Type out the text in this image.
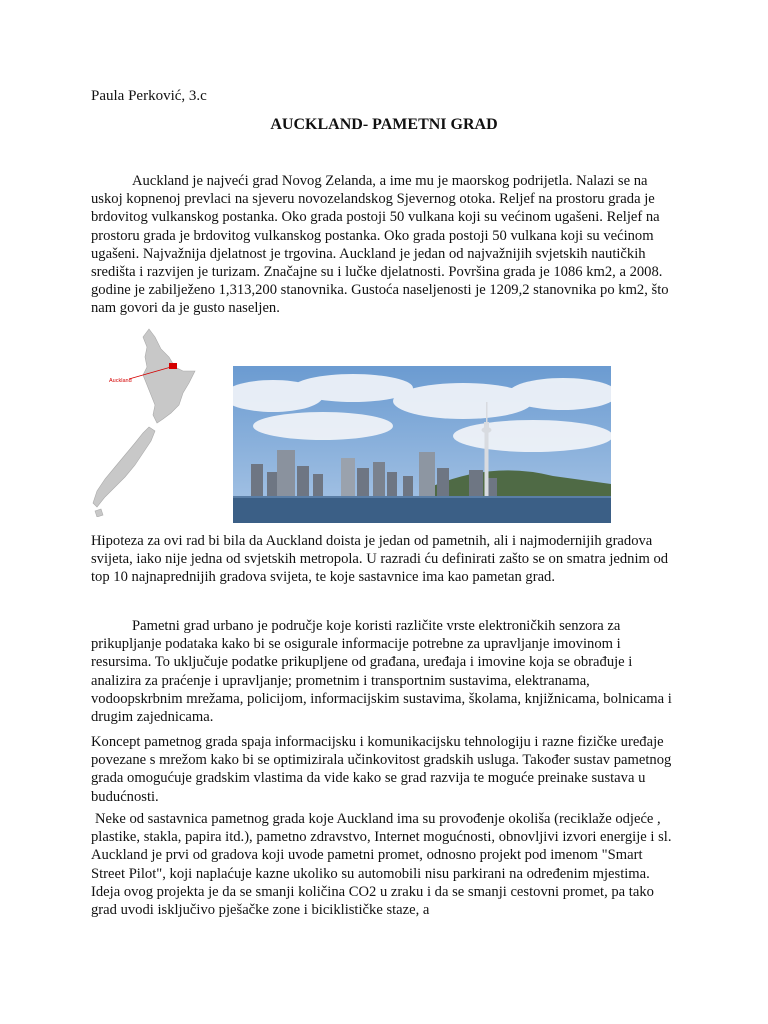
Paula Perković, 3.c
AUCKLAND- PAMETNI GRAD

Auckland je najveći grad Novog Zelanda, a ime mu je maorskog podrijetla. Nalazi se na uskoj kopnenoj prevlaci na sjeveru novozelandskog Sjevernog otoka. Reljef na prostoru grada je brdovitog vulkanskog postanka. Oko grada postoji 50 vulkana koji su većinom ugašeni. Reljef na prostoru grada je brdovitog vulkanskog postanka. Oko grada postoji 50 vulkana koji su većinom ugašeni. Najvažnija djelatnost je trgovina. Auckland je jedan od najvažnijih svjetskih nautičkih središta i razvijen je turizam. Značajne su i lučke djelatnosti. Površina grada je 1086 km2, a 2008. godine je zabilježeno 1,313,200 stanovnika. Gustoća naseljenosti je 1209,2 stanovnika po km2, što nam govori da je gusto naseljen.

Auckland

Hipoteza za ovi rad bi bila da Auckland doista je jedan od pametnih, ali i najmodernijih gradova svijeta, iako nije jedna od svjetskih metropola. U razradi ću definirati zašto se on smatra jednim od top 10 najnaprednijih gradova svijeta, te koje sastavnice ima kao pametan grad.

Pametni grad urbano je područje koje koristi različite vrste elektroničkih senzora za prikupljanje podataka kako bi se osigurale informacije potrebne za upravljanje imovinom i resursima. To uključuje podatke prikupljene od građana, uređaja i imovine koja se obrađuje i analizira za praćenje i upravljanje; prometnim i transportnim sustavima, elektranama, vodoopskrbnim mrežama, policijom, informacijskim sustavima, školama, knjižnicama, bolnicama i drugim zajednicama.

Koncept pametnog grada spaja informacijsku i komunikacijsku tehnologiju i razne fizičke uređaje povezane s mrežom kako bi se optimizirala učinkovitost gradskih usluga. Također sustav pametnog grada omogućuje gradskim vlastima da vide kako se grad razvija te moguće preinake sustava u budućnosti.

Neke od sastavnica pametnog grada koje Auckland ima su provođenje okoliša (reciklaže odjeće , plastike, stakla, papira itd.), pametno zdravstvo, Internet mogućnosti, obnovljivi izvori energije i sl. Auckland je prvi od gradova koji uvode pametni promet, odnosno projekt pod imenom "Smart Street Pilot", koji naplaćuje kazne ukoliko su automobili nisu parkirani na određenim mjestima. Ideja ovog projekta je da se smanji količina CO2 u zraku i da se smanji cestovni promet, pa tako grad uvodi isključivo pješačke zone i biciklističke staze, a
